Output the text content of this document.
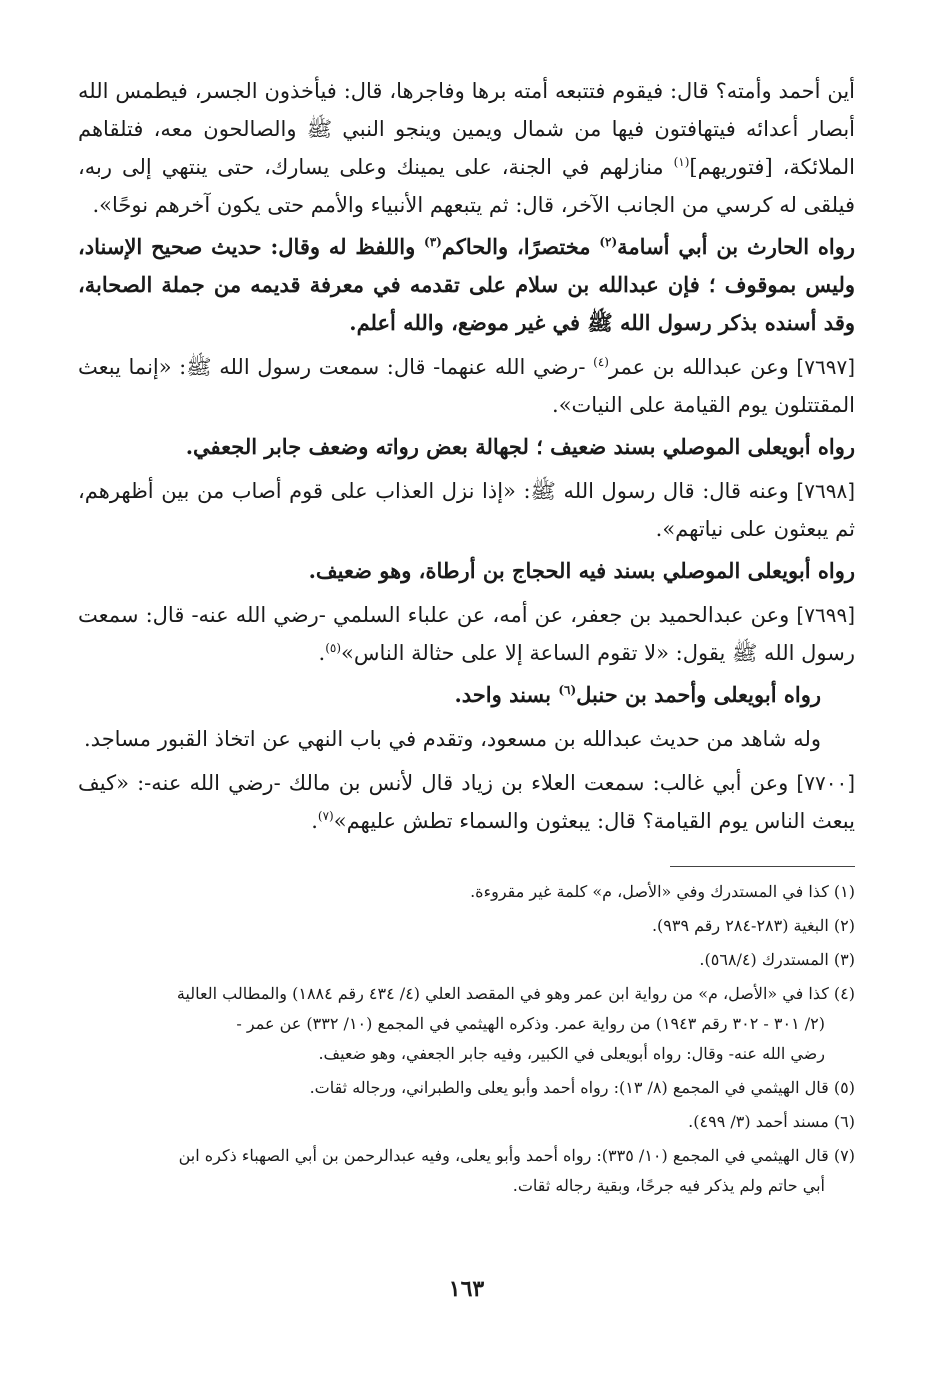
أين أحمد وأمته؟ قال: فيقوم فتتبعه أمته برها وفاجرها، قال: فيأخذون الجسر، فيطمس الله أبصار أعدائه فيتهافتون فيها من شمال ويمين وينجو النبي ﷺ والصالحون معه، فتلقاهم الملائكة، [فتوريهم]$^{(١)}$ منازلهم في الجنة، على يمينك وعلى يسارك، حتى ينتهي إلى ربه، فيلقى له كرسي من الجانب الآخر، قال: ثم يتبعهم الأنبياء والأمم حتى يكون آخرهم نوحًا».

رواه الحارث بن أبي أسامة$^{(٢)}$ مختصرًا، والحاكم$^{(٣)}$ واللفظ له وقال: حديث صحيح الإسناد، وليس بموقوف ؛ فإن عبدالله بن سلام على تقدمه في معرفة قديمه من جملة الصحابة، وقد أسنده بذكر رسول الله ﷺ في غير موضع، والله أعلم.

[٧٦٩٧] وعن عبدالله بن عمر$^{(٤)}$ -رضي الله عنهما- قال: سمعت رسول الله ﷺ: «إنما يبعث المقتتلون يوم القيامة على النيات».

رواه أبويعلى الموصلي بسند ضعيف ؛ لجهالة بعض رواته وضعف جابر الجعفي.

[٧٦٩٨] وعنه قال: قال رسول الله ﷺ: «إذا نزل العذاب على قوم أصاب من بين أظهرهم، ثم يبعثون على نياتهم».

رواه أبويعلى الموصلي بسند فيه الحجاج بن أرطاة، وهو ضعيف.

[٧٦٩٩] وعن عبدالحميد بن جعفر، عن أمه، عن علباء السلمي -رضي الله عنه- قال: سمعت رسول الله ﷺ يقول: «لا تقوم الساعة إلا على حثالة الناس»$^{(٥)}$.

رواه أبويعلى وأحمد بن حنبل$^{(٦)}$ بسند واحد.

وله شاهد من حديث عبدالله بن مسعود، وتقدم في باب النهي عن اتخاذ القبور مساجد.

[٧٧٠٠] وعن أبي غالب: سمعت العلاء بن زياد قال لأنس بن مالك -رضي الله عنه-: «كيف يبعث الناس يوم القيامة؟ قال: يبعثون والسماء تطش عليهم»$^{(٧)}$.

(١) كذا في المستدرك وفي «الأصل، م» كلمة غير مقروءة.

(٢) البغية (٢٨٣-٢٨٤ رقم ٩٣٩).

(٣) المستدرك (٥٦٨/٤).

(٤) كذا في «الأصل، م» من رواية ابن عمر وهو في المقصد العلي (٤/ ٤٣٤ رقم ١٨٨٤) والمطالب العالية
(٢/ ٣٠١ - ٣٠٢ رقم ١٩٤٣) من رواية عمر. وذكره الهيثمي في المجمع (١٠/ ٣٣٢) عن عمر -
رضي الله عنه- وقال: رواه أبويعلى في الكبير، وفيه جابر الجعفي، وهو ضعيف.

(٥) قال الهيثمي في المجمع (٨/ ١٣): رواه أحمد وأبو يعلى والطبراني، ورجاله ثقات.

(٦) مسند أحمد (٣/ ٤٩٩).

(٧) قال الهيثمي في المجمع (١٠/ ٣٣٥): رواه أحمد وأبو يعلى، وفيه عبدالرحمن بن أبي الصهباء ذكره ابن
أبي حاتم ولم يذكر فيه جرحًا، وبقية رجاله ثقات.

١٦٣
